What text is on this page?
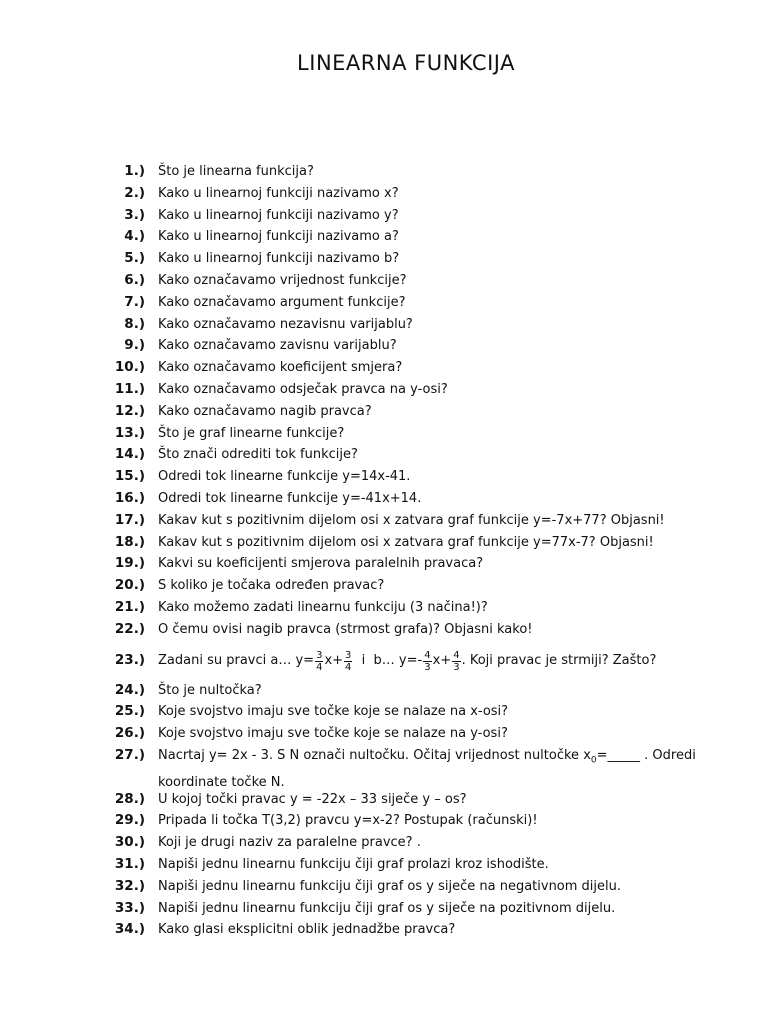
LINEARNA FUNKCIJA
1.) Što je linearna funkcija?
2.) Kako u linearnoj funkciji nazivamo x?
3.) Kako u linearnoj funkciji nazivamo y?
4.) Kako u linearnoj funkciji nazivamo a?
5.) Kako u linearnoj funkciji nazivamo b?
6.) Kako označavamo vrijednost funkcije?
7.) Kako označavamo argument funkcije?
8.) Kako označavamo nezavisnu varijablu?
9.) Kako označavamo zavisnu varijablu?
10.) Kako označavamo koeficijent smjera?
11.) Kako označavamo odsječak pravca na y-osi?
12.) Kako označavamo nagib pravca?
13.) Što je graf linearne funkcije?
14.) Što znači odrediti tok funkcije?
15.) Odredi tok linearne funkcije y=14x-41.
16.) Odredi tok linearne funkcije y=-41x+14.
17.) Kakav kut s pozitivnim dijelom osi x zatvara graf funkcije y=-7x+77? Objasni!
18.) Kakav kut s pozitivnim dijelom osi x zatvara graf funkcije y=77x-7? Objasni!
19.) Kakvi su koeficijenti smjerova paralelnih pravaca?
20.) S koliko je točaka određen pravac?
21.) Kako možemo zadati linearnu funkciju (3 načina!)?
22.) O čemu ovisi nagib pravca (strmost grafa)? Objasni kako!
23.) Zadani su pravci a… $y= \frac{3}{4} x+ \frac{3}{4}$ i  b… $y=- \frac{4}{3} x+ \frac{4}{3}$ . Koji pravac je strmiji? Zašto?
24.) Što je nultočka?
25.) Koje svojstvo imaju sve točke koje se nalaze na x-osi?
26.) Koje svojstvo imaju sve točke koje se nalaze na y-osi?
27.) Nacrtaj y= 2x - 3. S N označi nultočku. Očitaj vrijednost nultočke $x_0=\_\_\_\_\_$ . Odredi
koordinate točke N.
28.) U kojoj točki pravac y = -22x – 33 siječe y – os?
29.) Pripada li točka T(3,2) pravcu y=x-2? Postupak (računski)!
30.) Koji je drugi naziv za paralelne pravce? .
31.) Napiši jednu linearnu funkciju čiji graf prolazi kroz ishodište.
32.) Napiši jednu linearnu funkciju čiji graf os y siječe na negativnom dijelu.
33.) Napiši jednu linearnu funkciju čiji graf os y siječe na pozitivnom dijelu.
34.) Kako glasi eksplicitni oblik jednadžbe pravca?
